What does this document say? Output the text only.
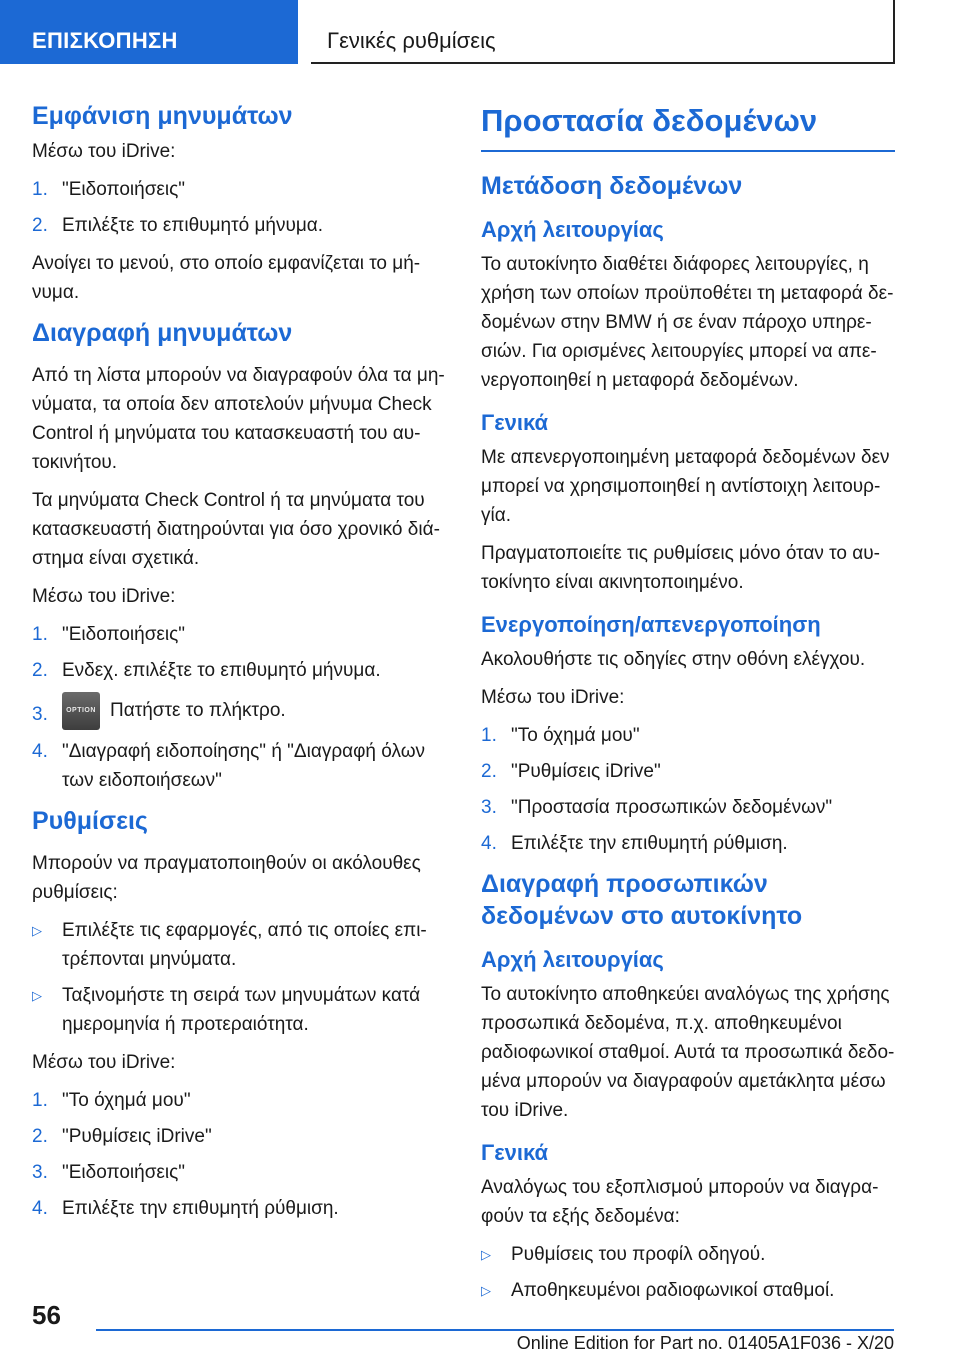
ΕΠΙΣΚΟΠΗΣΗ	Γενικές ρυθμίσεις
Εμφάνιση μηνυμάτων

Μέσω του iDrive:

1. "Ειδοποιήσεις"
2. Επιλέξτε το επιθυμητό μήνυμα.

Ανοίγει το μενού, στο οποίο εμφανίζεται το μήνυμα.

Διαγραφή μηνυμάτων

Από τη λίστα μπορούν να διαγραφούν όλα τα μηνύματα, τα οποία δεν αποτελούν μήνυμα Check Control ή μηνύματα του κατασκευαστή του αυτοκινήτου.

Τα μηνύματα Check Control ή τα μηνύματα του κατασκευαστή διατηρούνται για όσο χρονικό διάστημα είναι σχετικά.

Μέσω του iDrive:

1. "Ειδοποιήσεις"
2. Ενδεχ. επιλέξτε το επιθυμητό μήνυμα.
3.	OPTION Πατήστε το πλήκτρο.
4. "Διαγραφή ειδοποίησης" ή "Διαγραφή όλων των ειδοποιήσεων"
Ρυθμίσεις

Μπορούν να πραγματοποιηθούν οι ακόλουθες ρυθμίσεις:

▷ Επιλέξτε τις εφαρμογές, από τις οποίες επιτρέπονται μηνύματα.
▷ Ταξινομήστε τη σειρά των μηνυμάτων κατά ημερομηνία ή προτεραιότητα.

Μέσω του iDrive:

1. "Το όχημά μου"
2. "Ρυθμίσεις iDrive"
3. "Ειδοποιήσεις"
4. Επιλέξτε την επιθυμητή ρύθμιση.
Προστασία δεδομένων
Μετάδοση δεδομένων
Αρχή λειτουργίας

Το αυτοκίνητο διαθέτει διάφορες λειτουργίες, η χρήση των οποίων προϋποθέτει τη μεταφορά δεδομένων στην BMW ή σε έναν πάροχο υπηρεσιών. Για ορισμένες λειτουργίες μπορεί να απενεργοποιηθεί η μεταφορά δεδομένων.

Γενικά

Με απενεργοποιημένη μεταφορά δεδομένων δεν μπορεί να χρησιμοποιηθεί η αντίστοιχη λειτουργία.

Πραγματοποιείτε τις ρυθμίσεις μόνο όταν το αυτοκίνητο είναι ακινητοποιημένο.

Ενεργοποίηση/απενεργοποίηση

Ακολουθήστε τις οδηγίες στην οθόνη ελέγχου.

Μέσω του iDrive:

1. "Το όχημά μου"
2. "Ρυθμίσεις iDrive"
3. "Προστασία προσωπικών δεδομένων"
4. Επιλέξτε την επιθυμητή ρύθμιση.
Διαγραφή προσωπικών δεδομένων στο αυτοκίνητο
Αρχή λειτουργίας

Το αυτοκίνητο αποθηκεύει αναλόγως της χρήσης προσωπικά δεδομένα, π.χ. αποθηκευμένοι ραδιοφωνικοί σταθμοί. Αυτά τα προσωπικά δεδομένα μπορούν να διαγραφούν αμετάκλητα μέσω του iDrive.

Γενικά

Αναλόγως του εξοπλισμού μπορούν να διαγραφούν τα εξής δεδομένα:

▷ Ρυθμίσεις του προφίλ οδηγού.
▷ Αποθηκευμένοι ραδιοφωνικοί σταθμοί.
56
Online Edition for Part no. 01405A1F036 - X/20
